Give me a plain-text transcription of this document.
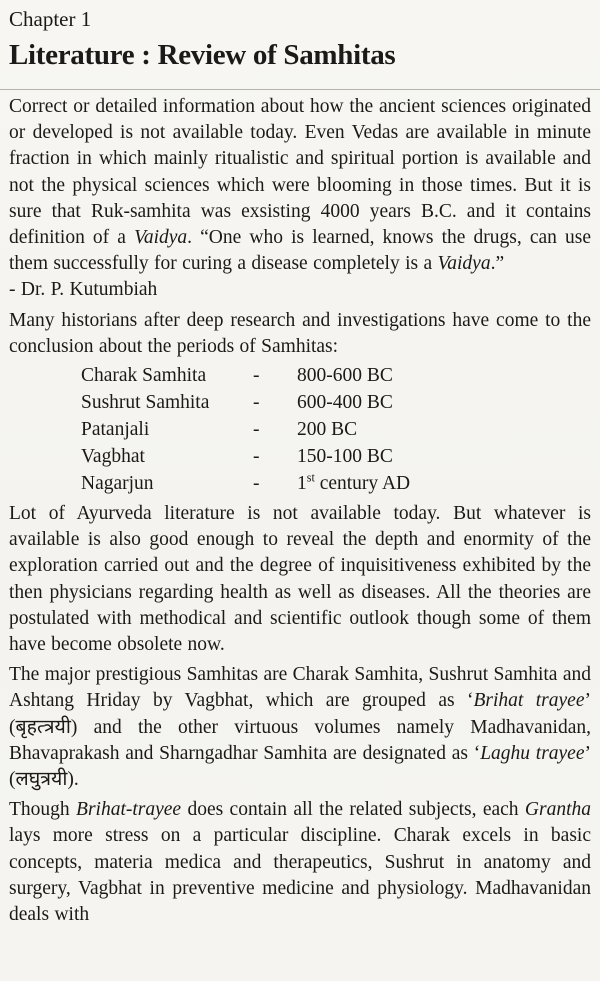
Chapter 1
Literature : Review of Samhitas

Correct or detailed information about how the ancient sciences originated or developed is not available today. Even Vedas are available in minute fraction in which mainly ritualistic and spiritual portion is available and not the physical sciences which were blooming in those times. But it is sure that Ruk-samhita was exsisting 4000 years B.C. and it contains definition of a Vaidya. “One who is learned, knows the drugs, can use them successfully for curing a disease completely is a Vaidya.”

- Dr. P. Kutumbiah

Many historians after deep research and investigations have come to the conclusion about the periods of Samhitas:

Charak Samhita	-	800-600 BC
Sushrut Samhita	-	600-400 BC
Patanjali	-	200 BC
Vagbhat	-	150-100 BC
Nagarjun	-	1st century AD

Lot of Ayurveda literature is not available today. But whatever is available is also good enough to reveal the depth and enormity of the exploration carried out and the degree of inquisitiveness exhibited by the then physicians regarding health as well as diseases. All the theories are postulated with methodical and scientific outlook though some of them have become obsolete now.

The major prestigious Samhitas are Charak Samhita, Sushrut Samhita and Ashtang Hriday by Vagbhat, which are grouped as ‘Brihat trayee’ (बृहत्त्रयी) and the other virtuous volumes namely Madhavanidan, Bhavaprakash and Sharngadhar Samhita are designated as ‘Laghu trayee’ (लघुत्रयी).

Though Brihat-trayee does contain all the related subjects, each Grantha lays more stress on a particular discipline. Charak excels in basic concepts, materia medica and therapeutics, Sushrut in anatomy and surgery, Vagbhat in preventive medicine and physiology. Madhavanidan deals with
